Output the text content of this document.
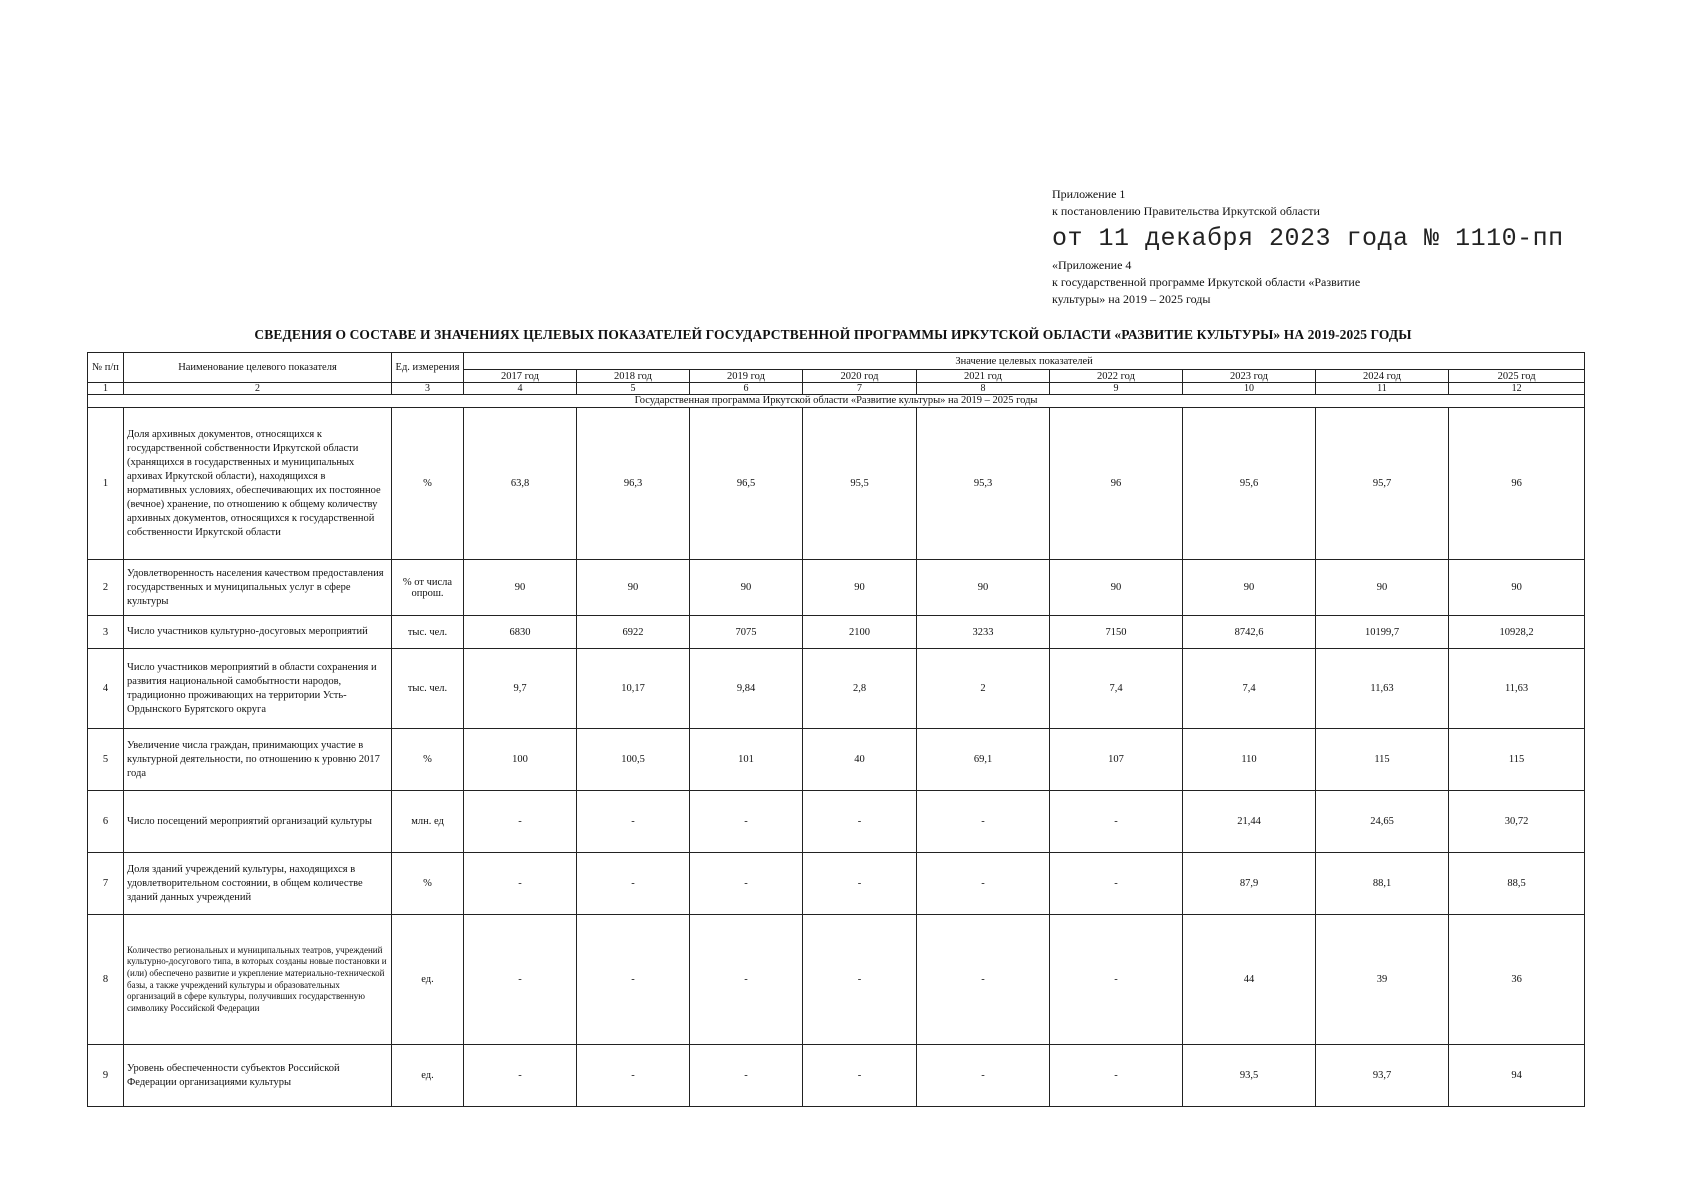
Приложение 1
к постановлению Правительства Иркутской области
от 11 декабря 2023 года № 1110-пп
«Приложение 4
к государственной программе Иркутской области «Развитие
культуры» на 2019 – 2025 годы
СВЕДЕНИЯ О СОСТАВЕ И ЗНАЧЕНИЯХ ЦЕЛЕВЫХ ПОКАЗАТЕЛЕЙ ГОСУДАРСТВЕННОЙ ПРОГРАММЫ ИРКУТСКОЙ ОБЛАСТИ «РАЗВИТИЕ КУЛЬТУРЫ» НА 2019-2025 ГОДЫ
№ п/п	Наименование целевого показателя	Ед. измерения	Значение целевых показателей								
			2017 год	2018 год	2019 год	2020 год	2021 год	2022 год	2023 год	2024 год	2025 год
1	2	3	4	5	6	7	8	9	10	11	12
Государственная программа Иркутской области «Развитие культуры» на 2019 – 2025 годы											
1	Доля архивных документов, относящихся к государственной собственности Иркутской области (хранящихся в государственных и муниципальных архивах Иркутской области), находящихся в нормативных условиях, обеспечивающих их постоянное (вечное) хранение, по отношению к общему количеству архивных документов, относящихся к государственной собственности Иркутской области	%	63,8	96,3	96,5	95,5	95,3	96	95,6	95,7	96
2	Удовлетворенность населения качеством предоставления государственных и муниципальных услуг в сфере культуры	% от числа опрош.	90	90	90	90	90	90	90	90	90
3	Число участников культурно-досуговых мероприятий	тыс. чел.	6830	6922	7075	2100	3233	7150	8742,6	10199,7	10928,2
4	Число участников мероприятий в области сохранения и развития национальной самобытности народов, традиционно проживающих на территории Усть-Ордынского Бурятского округа	тыс. чел.	9,7	10,17	9,84	2,8	2	7,4	7,4	11,63	11,63
5	Увеличение числа граждан, принимающих участие в культурной деятельности, по отношению к уровню 2017 года	%	100	100,5	101	40	69,1	107	110	115	115
6	Число посещений мероприятий организаций культуры	млн. ед	-	-	-	-	-	-	21,44	24,65	30,72
7	Доля зданий учреждений культуры, находящихся в удовлетворительном состоянии, в общем количестве зданий данных учреждений	%	-	-	-	-	-	-	87,9	88,1	88,5
8	Количество региональных и муниципальных театров, учреждений культурно-досугового типа, в которых созданы новые постановки и (или) обеспечено развитие и укрепление материально-технической базы, а также учреждений культуры и образовательных организаций в сфере культуры, получивших государственную символику Российской Федерации	ед.	-	-	-	-	-	-	44	39	36
9	Уровень обеспеченности субъектов Российской Федерации организациями культуры	ед.	-	-	-	-	-	-	93,5	93,7	94
